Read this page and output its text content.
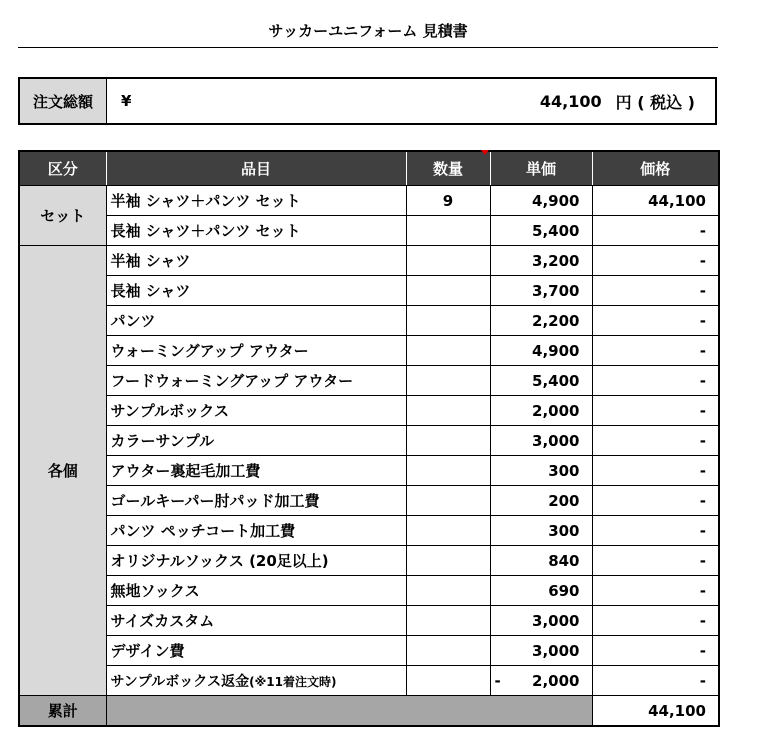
サッカーユニフォーム 見積書
注文総額	¥	44,100 円 ( 税込 )
区分	品目	数量	単価	価格
セット	半袖 シャツ＋パンツ セット	9	4,900	44,100
	長袖 シャツ＋パンツ セット		5,400	-
各個	半袖 シャツ		3,200	-
	長袖 シャツ		3,700	-
	パンツ		2,200	-
	ウォーミングアップ アウター		4,900	-
	フードウォーミングアップ アウター		5,400	-
	サンプルボックス		2,000	-
	カラーサンプル		3,000	-
	アウター裏起毛加工費		300	-
	ゴールキーパー肘パッド加工費		200	-
	パンツ ペッチコート加工費		300	-
	オリジナルソックス (20足以上)		840	-
	無地ソックス		690	-
	サイズカスタム		3,000	-
	デザイン費		3,000	-
	サンプルボックス返金(※11着注文時)		- 2,000	-
累計				44,100
